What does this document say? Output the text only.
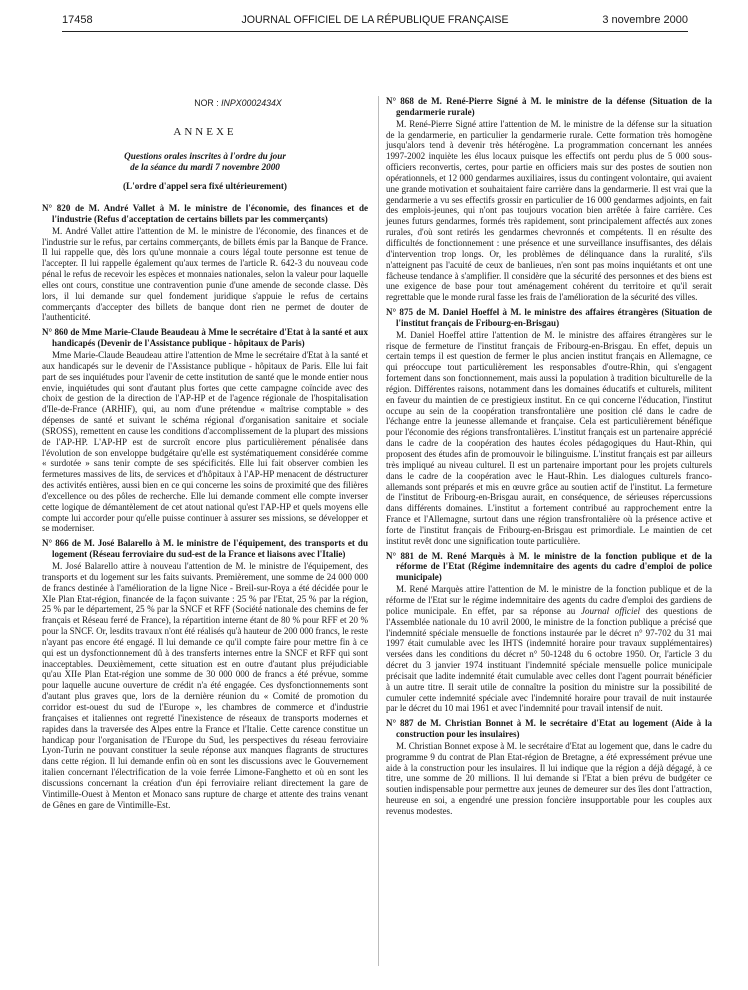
17458	JOURNAL OFFICIEL DE LA RÉPUBLIQUE FRANÇAISE	3 novembre 2000
NOR : INPX0002434X
ANNEXE
Questions orales inscrites à l'ordre du jour
de la séance du mardi 7 novembre 2000
(L'ordre d'appel sera fixé ultérieurement)
N° 820 de M. André Vallet à M. le ministre de l'économie, des finances et de l'industrie (Refus d'acceptation de certains billets par les commerçants)
M. André Vallet attire l'attention de M. le ministre de l'économie, des finances et de l'industrie sur le refus, par certains commerçants, de billets émis par la Banque de France. Il lui rappelle que, dès lors qu'une monnaie a cours légal toute personne est tenue de l'accepter. Il lui rappelle également qu'aux termes de l'article R. 642-3 du nouveau code pénal le refus de recevoir les espèces et monnaies nationales, selon la valeur pour laquelle elles ont cours, constitue une contravention punie d'une amende de seconde classe. Dès lors, il lui demande sur quel fondement juridique s'appuie le refus de certains commerçants d'accepter des billets de banque dont rien ne permet de douter de l'authenticité.
N° 860 de Mme Marie-Claude Beaudeau à Mme le secrétaire d'Etat à la santé et aux handicapés (Devenir de l'Assistance publique - hôpitaux de Paris)
Mme Marie-Claude Beaudeau attire l'attention de Mme le secrétaire d'Etat à la santé et aux handicapés sur le devenir de l'Assistance publique - hôpitaux de Paris. Elle lui fait part de ses inquiétudes pour l'avenir de cette institution de santé que le monde entier nous envie, inquiétudes qui sont d'autant plus fortes que cette campagne coïncide avec des choix de gestion de la direction de l'AP-HP et de l'agence régionale de l'hospitalisation d'Ile-de-France (ARHIF), qui, au nom d'une prétendue « maîtrise comptable » des dépenses de santé et suivant le schéma régional d'organisation sanitaire et sociale (SROSS), remettent en cause les conditions d'accomplissement de la plupart des missions de l'AP-HP. L'AP-HP est de surcroît encore plus particulièrement pénalisée dans l'évolution de son enveloppe budgétaire qu'elle est systématiquement considérée comme « surdotée » sans tenir compte de ses spécificités. Elle lui fait observer combien les fermetures massives de lits, de services et d'hôpitaux à l'AP-HP menacent de déstructurer des activités entières, aussi bien en ce qui concerne les soins de proximité que des filières d'excellence ou des pôles de recherche. Elle lui demande comment elle compte inverser cette logique de démantèlement de cet atout national qu'est l'AP-HP et quels moyens elle compte lui accorder pour qu'elle puisse continuer à assurer ses missions, se développer et se moderniser.
N° 866 de M. José Balarello à M. le ministre de l'équipement, des transports et du logement (Réseau ferroviaire du sud-est de la France et liaisons avec l'Italie)
M. José Balarello attire à nouveau l'attention de M. le ministre de l'équipement, des transports et du logement sur les faits suivants. Premièrement, une somme de 24 000 000 de francs destinée à l'amélioration de la ligne Nice - Breil-sur-Roya a été décidée pour le XIe Plan Etat-région, financée de la façon suivante : 25 % par l'Etat, 25 % par la région, 25 % par le département, 25 % par la SNCF et RFF (Société nationale des chemins de fer français et Réseau ferré de France), la répartition interne étant de 80 % pour RFF et 20 % pour la SNCF. Or, lesdits travaux n'ont été réalisés qu'à hauteur de 200 000 francs, le reste n'ayant pas encore été engagé. Il lui demande ce qu'il compte faire pour mettre fin à ce qui est un dysfonctionnement dû à des transferts internes entre la SNCF et RFF qui sont inacceptables. Deuxièmement, cette situation est en outre d'autant plus préjudiciable qu'au XIIe Plan Etat-région une somme de 30 000 000 de francs a été prévue, somme pour laquelle aucune ouverture de crédit n'a été engagée. Ces dysfonctionnements sont d'autant plus graves que, lors de la dernière réunion du « Comité de promotion du corridor est-ouest du sud de l'Europe », les chambres de commerce et d'industrie françaises et italiennes ont regretté l'inexistence de réseaux de transports modernes et rapides dans la traversée des Alpes entre la France et l'Italie. Cette carence constitue un handicap pour l'organisation de l'Europe du Sud, les perspectives du réseau ferroviaire Lyon-Turin ne pouvant constituer la seule réponse aux manques flagrants de structures dans cette région. Il lui demande enfin où en sont les discussions avec le Gouvernement italien concernant l'électrification de la voie ferrée Limone-Fanghetto et où en sont les discussions concernant la création d'un épi ferroviaire reliant directement la gare de Vintimille-Ouest à Menton et Monaco sans rupture de charge et attente des trains venant de Gênes en gare de Vintimille-Est.
N° 868 de M. René-Pierre Signé à M. le ministre de la défense (Situation de la gendarmerie rurale)
M. René-Pierre Signé attire l'attention de M. le ministre de la défense sur la situation de la gendarmerie, en particulier la gendarmerie rurale. Cette formation très homogène jusqu'alors tend à devenir très hétérogène. La programmation concernant les années 1997-2002 inquiète les élus locaux puisque les effectifs ont perdu plus de 5 000 sous-officiers reconvertis, certes, pour partie en officiers mais sur des postes de soutien non opérationnels, et 12 000 gendarmes auxiliaires, issus du contingent volontaire, qui avaient une grande motivation et souhaitaient faire carrière dans la gendarmerie. Il est vrai que la gendarmerie a vu ses effectifs grossir en particulier de 16 000 gendarmes adjoints, en fait des emplois-jeunes, qui n'ont pas toujours vocation bien arrêtée à faire carrière. Ces jeunes futurs gendarmes, formés très rapidement, sont principalement affectés aux zones rurales, d'où sont retirés les gendarmes chevronnés et compétents. Il en résulte des difficultés de fonctionnement : une présence et une surveillance insuffisantes, des délais d'intervention trop longs. Or, les problèmes de délinquance dans la ruralité, s'ils n'atteignent pas l'acuité de ceux de banlieues, n'en sont pas moins inquiétants et ont une fâcheuse tendance à s'amplifier. Il considère que la sécurité des personnes et des biens est une exigence de base pour tout aménagement cohérent du territoire et qu'il serait regrettable que le monde rural fasse les frais de l'amélioration de la sécurité des villes.
N° 875 de M. Daniel Hoeffel à M. le ministre des affaires étrangères (Situation de l'institut français de Fribourg-en-Brisgau)
M. Daniel Hoeffel attire l'attention de M. le ministre des affaires étrangères sur le risque de fermeture de l'institut français de Fribourg-en-Brisgau. En effet, depuis un certain temps il est question de fermer le plus ancien institut français en Allemagne, ce qui préoccupe tout particulièrement les responsables d'outre-Rhin, qui s'engagent fortement dans son fonctionnement, mais aussi la population à tradition biculturelle de la région. Différentes raisons, notamment dans les domaines éducatifs et culturels, militent en faveur du maintien de ce prestigieux institut. En ce qui concerne l'éducation, l'institut occupe au sein de la coopération transfrontalière une position clé dans le cadre de l'échange entre la jeunesse allemande et française. Cela est particulièrement bénéfique pour l'économie des régions transfrontalières. L'institut français est un partenaire apprécié dans le cadre de la coopération des hautes écoles pédagogiques du Haut-Rhin, qui proposent des études afin de promouvoir le bilinguisme. L'institut français est par ailleurs très impliqué au niveau culturel. Il est un partenaire important pour les projets culturels dans le cadre de la coopération avec le Haut-Rhin. Les dialogues culturels franco-allemands sont préparés et mis en œuvre grâce au soutien actif de l'institut. La fermeture de l'institut de Fribourg-en-Brisgau aurait, en conséquence, de sérieuses répercussions dans différents domaines. L'institut a fortement contribué au rapprochement entre la France et l'Allemagne, surtout dans une région transfrontalière où la présence active et forte de l'institut français de Fribourg-en-Brisgau est primordiale. Le maintien de cet institut revêt donc une signification toute particulière.
N° 881 de M. René Marquès à M. le ministre de la fonction publique et de la réforme de l'Etat (Régime indemnitaire des agents du cadre d'emploi de police municipale)
M. René Marquès attire l'attention de M. le ministre de la fonction publique et de la réforme de l'Etat sur le régime indemnitaire des agents du cadre d'emploi des gardiens de police municipale. En effet, par sa réponse au Journal officiel des questions de l'Assemblée nationale du 10 avril 2000, le ministre de la fonction publique a précisé que l'indemnité spéciale mensuelle de fonctions instaurée par le décret n° 97-702 du 31 mai 1997 était cumulable avec les IHTS (indemnité horaire pour travaux supplémentaires) versées dans les conditions du décret n° 50-1248 du 6 octobre 1950. Or, l'article 3 du décret du 3 janvier 1974 instituant l'indemnité spéciale mensuelle police municipale précisait que ladite indemnité était cumulable avec celles dont l'agent pourrait bénéficier à un autre titre. Il serait utile de connaître la position du ministre sur la possibilité de cumuler cette indemnité spéciale avec l'indemnité horaire pour travail de nuit instaurée par le décret du 10 mai 1961 et avec l'indemnité pour travail intensif de nuit.
N° 887 de M. Christian Bonnet à M. le secrétaire d'Etat au logement (Aide à la construction pour les insulaires)
M. Christian Bonnet expose à M. le secrétaire d'Etat au logement que, dans le cadre du programme 9 du contrat de Plan Etat-région de Bretagne, a été expressément prévue une aide à la construction pour les insulaires. Il lui indique que la région a déjà dégagé, à ce titre, une somme de 20 millions. Il lui demande si l'Etat a bien prévu de budgéter ce soutien indispensable pour permettre aux jeunes de demeurer sur des îles dont l'attraction, heureuse en soi, a engendré une pression foncière insupportable pour les couples aux revenus modestes.
